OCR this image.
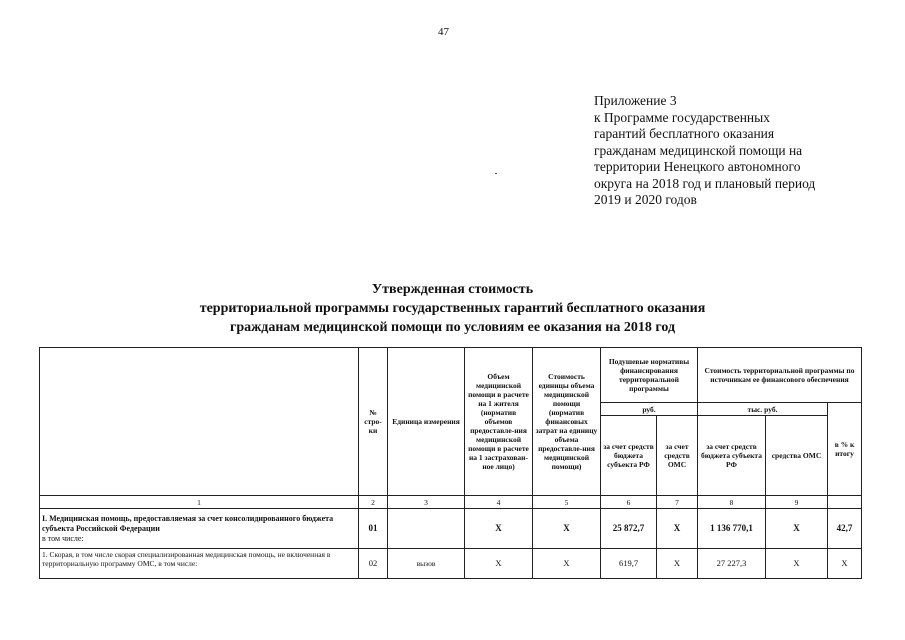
47
Приложение 3
к Программе государственных
гарантий бесплатного оказания
гражданам медицинской помощи на
территории Ненецкого автономного
округа на 2018 год и плановый период
2019 и 2020 годов
Утвержденная стоимость
территориальной программы государственных гарантий бесплатного оказания
гражданам медицинской помощи по условиям ее оказания на 2018 год
	№ стро-ки	Единица измерения	Объем медицинской помощи в расчете на 1 жителя (норматив объемов предоставле-ния медицинской помощи в расчете на 1 застрахован-ное лицо)	Стоимость единицы объема медицинской помощи (норматив финансовых затрат на единицу объема предоставле-ния медицинской помощи)	Подушевые нормативы финансирования территориальной программы		Стоимость территориальной программы по источникам ее финансового обеспечения		
					руб.		тыс. руб.		в % к итогу
					за счет средств бюджета субъекта РФ	за счет средств ОМС	за счет средств бюджета субъекта РФ	средства ОМС	
1	2	3	4	5	6	7	8	9	
I. Медицинская помощь, предоставляемая за счет консолидированного бюджета субъекта Российской Федерации
в том числе:	01		Х	Х	25 872,7	Х	1 136 770,1	Х	42,7
1. Скорая, в том числе скорая специализированная медицинская помощь, не включенная в территориальную программу ОМС, в том числе:	02	вызов	Х	Х	619,7	Х	27 227,3	Х	Х
